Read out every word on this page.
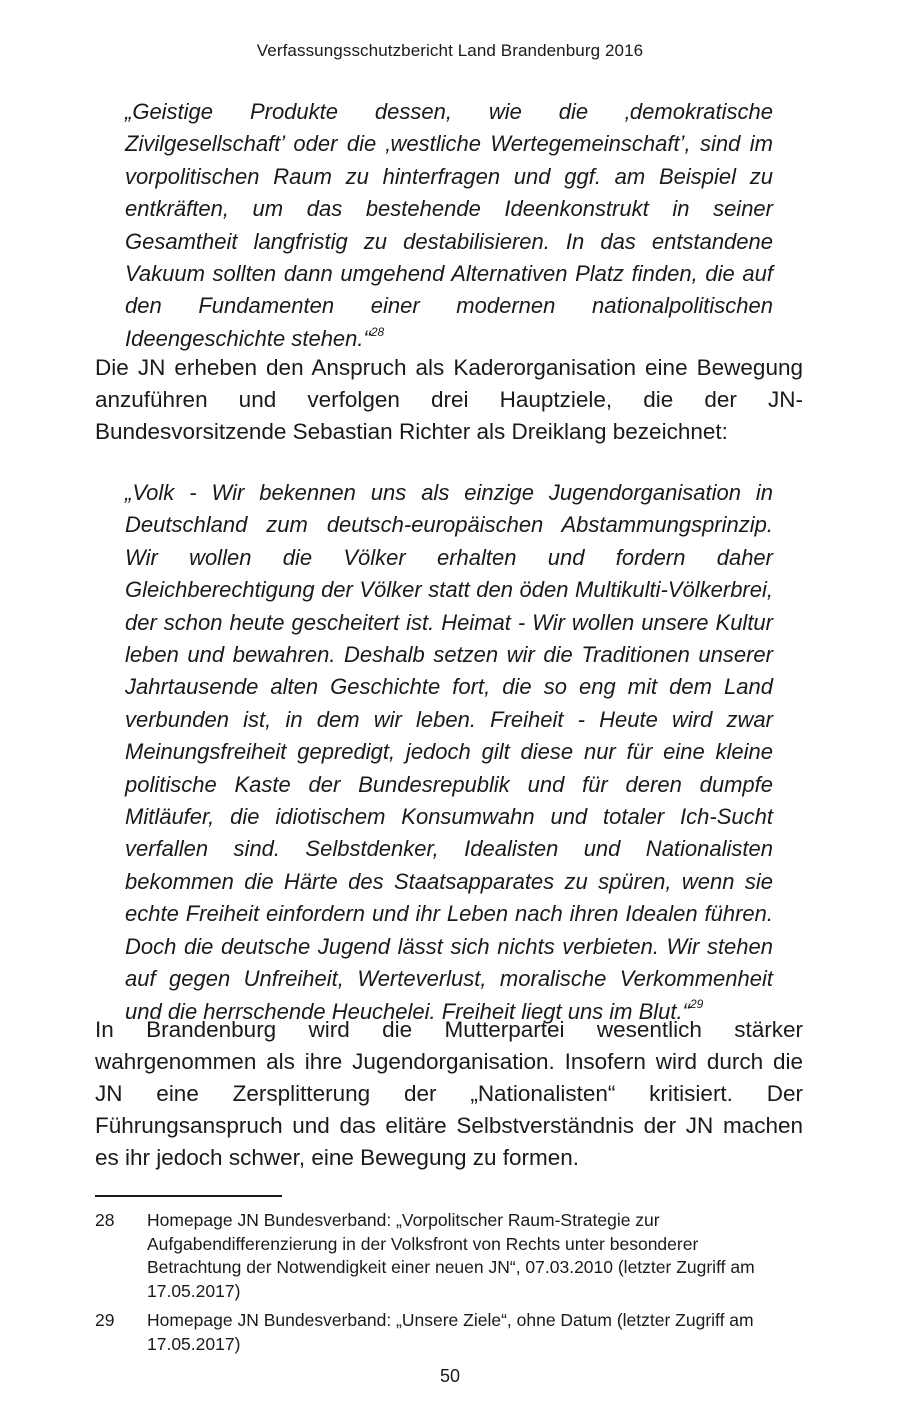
Verfassungsschutzbericht Land Brandenburg 2016
„Geistige Produkte dessen, wie die ‚demokratische Zivilgesellschaft’ oder die ‚westliche Wertegemeinschaft’, sind im vorpolitischen Raum zu hinterfragen und ggf. am Beispiel zu entkräften, um das bestehende Ideenkonstrukt in seiner Gesamtheit langfristig zu destabilisieren. In das entstandene Vakuum sollten dann umgehend Alternativen Platz finden, die auf den Fundamenten einer modernen nationalpolitischen Ideengeschichte stehen.“$^{28}$
Die JN erheben den Anspruch als Kaderorganisation eine Bewegung anzuführen und verfolgen drei Hauptziele, die der JN-Bundesvorsitzende Sebastian Richter als Dreiklang bezeichnet:
„Volk - Wir bekennen uns als einzige Jugendorganisation in Deutschland zum deutsch-europäischen Abstammungsprinzip. Wir wollen die Völker erhalten und fordern daher Gleichberechtigung der Völker statt den öden Multikulti-Völkerbrei, der schon heute gescheitert ist. Heimat - Wir wollen unsere Kultur leben und bewahren. Deshalb setzen wir die Traditionen unserer Jahrtausende alten Geschichte fort, die so eng mit dem Land verbunden ist, in dem wir leben. Freiheit - Heute wird zwar Meinungsfreiheit gepredigt, jedoch gilt diese nur für eine kleine politische Kaste der Bundesrepublik und für deren dumpfe Mitläufer, die idiotischem Konsumwahn und totaler Ich-Sucht verfallen sind. Selbstdenker, Idealisten und Nationalisten bekommen die Härte des Staatsapparates zu spüren, wenn sie echte Freiheit einfordern und ihr Leben nach ihren Idealen führen. Doch die deutsche Jugend lässt sich nichts verbieten. Wir stehen auf gegen Unfreiheit, Werteverlust, moralische Verkommenheit und die herrschende Heuchelei. Freiheit liegt uns im Blut.“$^{29}$
In Brandenburg wird die Mutterpartei wesentlich stärker wahrgenommen als ihre Jugendorganisation. Insofern wird durch die JN eine Zersplitterung der „Nationalisten“ kritisiert. Der Führungsanspruch und das elitäre Selbstverständnis der JN machen es ihr jedoch schwer, eine Bewegung zu formen.
28	Homepage JN Bundesverband: „Vorpolitscher Raum-Strategie zur Aufgabendifferenzierung in der Volksfront von Rechts unter besonderer Betrachtung der Notwendigkeit einer neuen JN“, 07.03.2010 (letzter Zugriff am 17.05.2017)
29	Homepage JN Bundesverband: „Unsere Ziele“, ohne Datum (letzter Zugriff am 17.05.2017)
50
